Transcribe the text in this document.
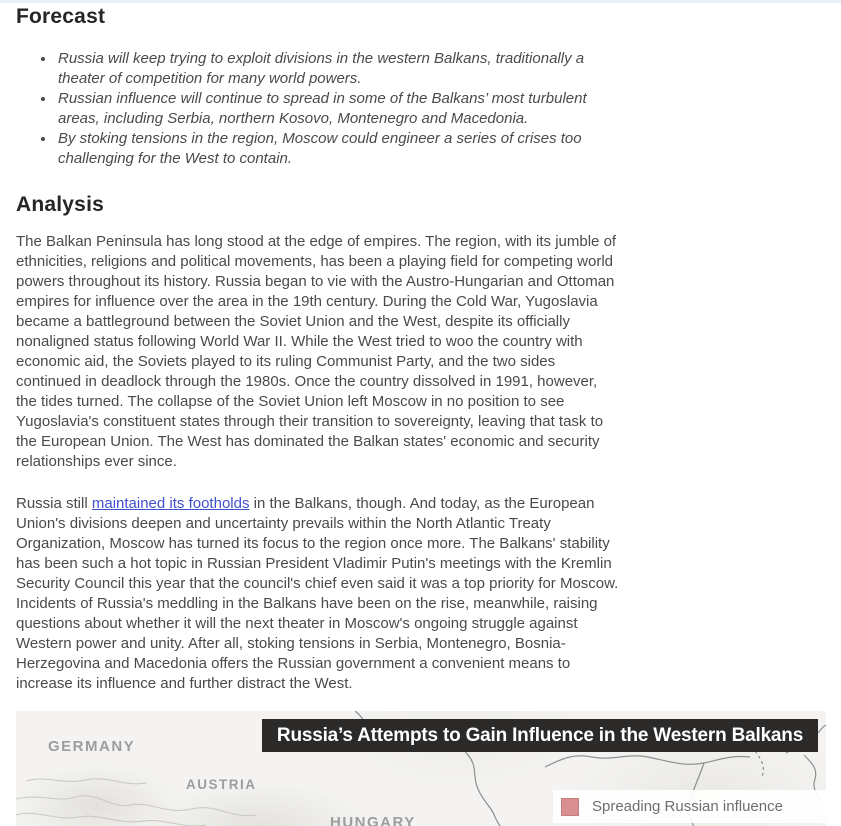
Forecast
• Russia will keep trying to exploit divisions in the western Balkans, traditionally a theater of competition for many world powers.
• Russian influence will continue to spread in some of the Balkans’ most turbulent areas, including Serbia, northern Kosovo, Montenegro and Macedonia.
• By stoking tensions in the region, Moscow could engineer a series of crises too challenging for the West to contain.
Analysis

The Balkan Peninsula has long stood at the edge of empires. The region, with its jumble of ethnicities, religions and political movements, has been a playing field for competing world powers throughout its history. Russia began to vie with the Austro-Hungarian and Ottoman empires for influence over the area in the 19th century. During the Cold War, Yugoslavia became a battleground between the Soviet Union and the West, despite its officially nonaligned status following World War II. While the West tried to woo the country with economic aid, the Soviets played to its ruling Communist Party, and the two sides continued in deadlock through the 1980s. Once the country dissolved in 1991, however, the tides turned. The collapse of the Soviet Union left Moscow in no position to see Yugoslavia's constituent states through their transition to sovereignty, leaving that task to the European Union. The West has dominated the Balkan states' economic and security relationships ever since.

Russia still maintained its footholds in the Balkans, though. And today, as the European Union's divisions deepen and uncertainty prevails within the North Atlantic Treaty Organization, Moscow has turned its focus to the region once more. The Balkans' stability has been such a hot topic in Russian President Vladimir Putin's meetings with the Kremlin Security Council this year that the council's chief even said it was a top priority for Moscow. Incidents of Russia's meddling in the Balkans have been on the rise, meanwhile, raising questions about whether it will the next theater in Moscow's ongoing struggle against Western power and unity. After all, stoking tensions in Serbia, Montenegro, Bosnia-Herzegovina and Macedonia offers the Russian government a convenient means to increase its influence and further distract the West.

Russia’s Attempts to Gain Influence in the Western Balkans
GERMANY
AUSTRIA
HUNGARY
Spreading Russian influence
